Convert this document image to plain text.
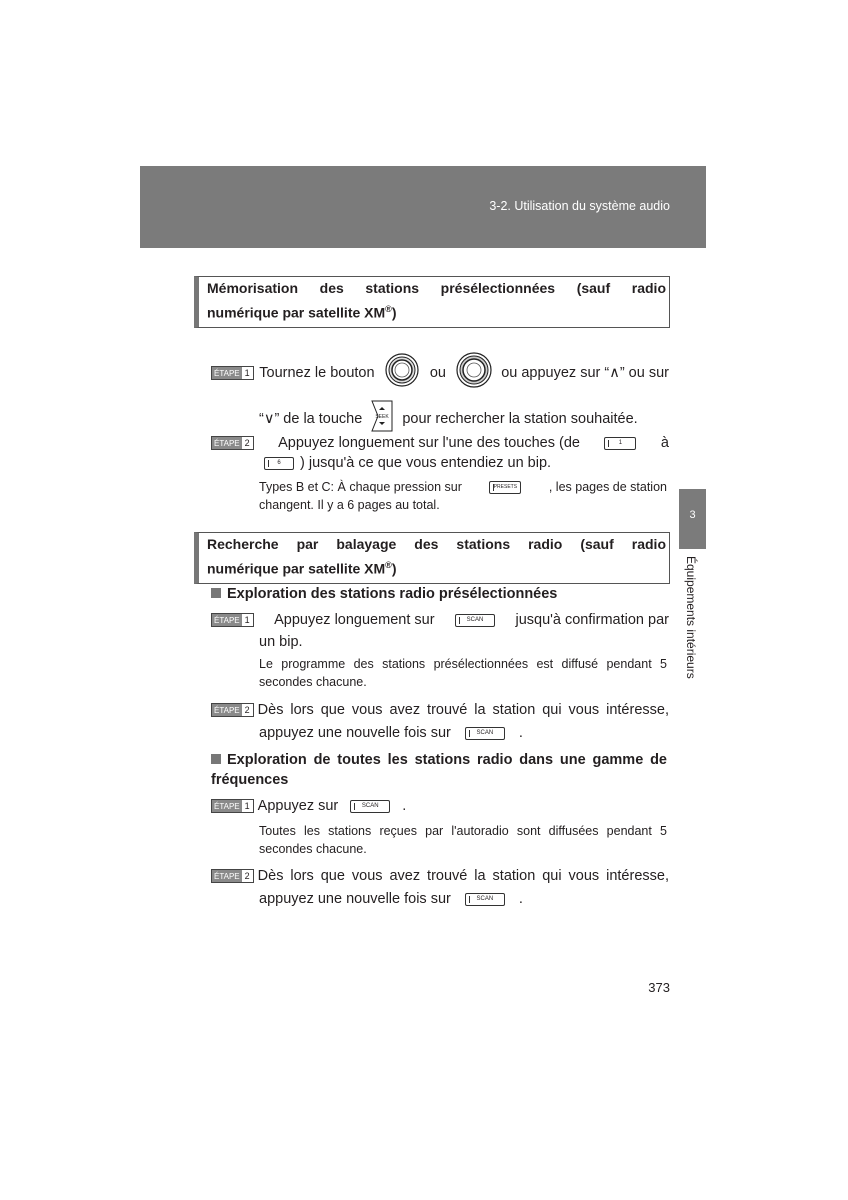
3-2. Utilisation du système audio
3
Équipements intérieurs
Mémorisation des stations présélectionnées (sauf radio
numérique par satellite XM®)
ÉTAPE 1 Tournez le bouton	ou	ou appuyez sur “∧” ou sur
“∨” de la touche	SEEK pour rechercher la station souhaitée.
ÉTAPE 2 Appuyez longuement sur l'une des touches (de	1	à
6	) jusqu'à ce que vous entendiez un bip.
Types B et C: À chaque pression sur	PRESETS	, les pages de station
changent. Il y a 6 pages au total.
Recherche par balayage des stations radio (sauf radio
numérique par satellite XM®)
Exploration des stations radio présélectionnées
ÉTAPE 1 Appuyez longuement sur	SCAN	jusqu'à confirmation par
un bip.
Le programme des stations présélectionnées est diffusé pendant 5
secondes chacune.
ÉTAPE 2 Dès lors que vous avez trouvé la station qui vous intéresse,
appuyez une nouvelle fois sur	SCAN	.
Exploration de toutes les stations radio dans une gamme de
fréquences
ÉTAPE 1 Appuyez sur	SCAN	.
Toutes les stations reçues par l'autoradio sont diffusées pendant 5
secondes chacune.
ÉTAPE 2 Dès lors que vous avez trouvé la station qui vous intéresse,
appuyez une nouvelle fois sur	SCAN	.
373
